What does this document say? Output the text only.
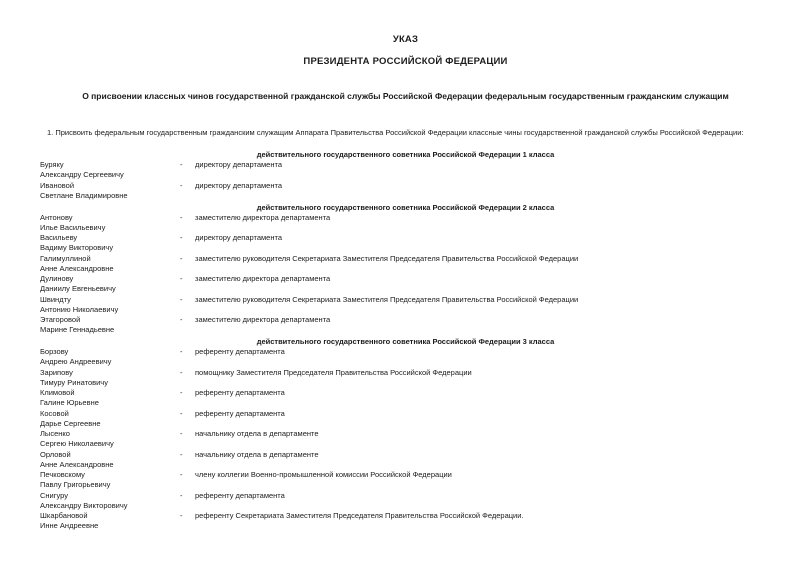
УКАЗ
ПРЕЗИДЕНТА РОССИЙСКОЙ ФЕДЕРАЦИИ
О присвоении классных чинов государственной гражданской службы Российской Федерации федеральным государственным гражданским служащим
1. Присвоить федеральным государственным гражданским служащим Аппарата Правительства Российской Федерации классные чины государственной гражданской службы Российской Федерации:
действительного государственного советника Российской Федерации 1 класса
Буряку
Александру Сергеевичу
-	директору департамента
Ивановой
Светлане Владимировне
-	директору департамента
действительного государственного советника Российской Федерации 2 класса
Антонову
Илье Васильевичу
-	заместителю директора департамента
Васильеву
Вадиму Викторовичу
-	директору департамента
Галимуллиной
Анне Александровне
-	заместителю руководителя Секретариата Заместителя Председателя Правительства Российской Федерации
Дулинову
Даниилу Евгеньевичу
-	заместителю директора департамента
Швиндту
Антонию Николаевичу
-	заместителю руководителя Секретариата Заместителя Председателя Правительства Российской Федерации
Этагоровой
Марине Геннадьевне
-	заместителю директора департамента
действительного государственного советника Российской Федерации 3 класса
Борзову
Андрею Андреевичу
-	референту департамента
Зарипову
Тимуру Ринатовичу
-	помощнику Заместителя Председателя Правительства Российской Федерации
Климовой
Галине Юрьевне
-	референту департамента
Косовой
Дарье Сергеевне
-	референту департамента
Лысенко
Сергею Николаевичу
-	начальнику отдела в департаменте
Орловой
Анне Александровне
-	начальнику отдела в департаменте
Печковскому
Павлу Григорьевичу
-	члену коллегии Военно-промышленной комиссии Российской Федерации
Снигуру
Александру Викторовичу
-	референту департамента
Шкарбановой
Инне Андреевне
-	референту Секретариата Заместителя Председателя Правительства Российской Федерации.
